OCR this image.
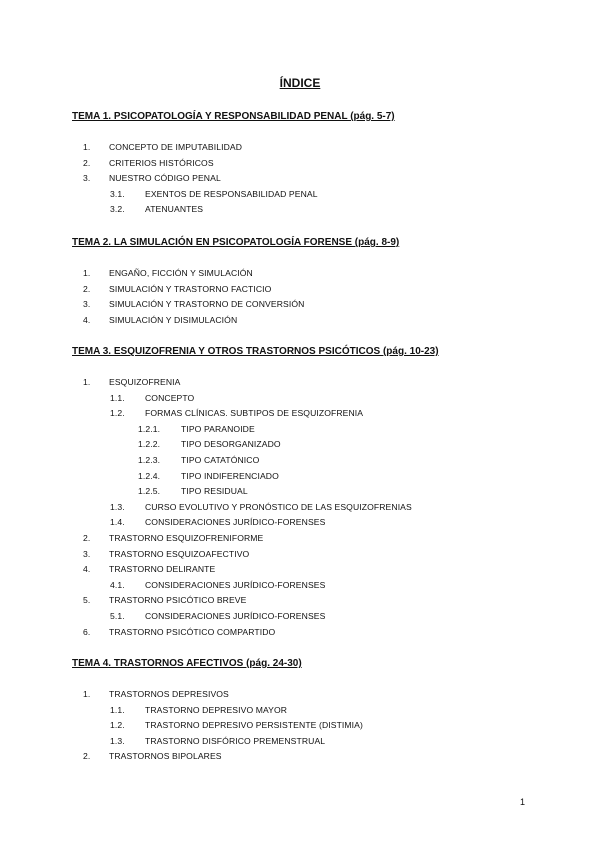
ÍNDICE
TEMA 1. PSICOPATOLOGÍA Y RESPONSABILIDAD PENAL (pág. 5-7)
1. CONCEPTO DE IMPUTABILIDAD
2. CRITERIOS HISTÓRICOS
3. NUESTRO CÓDIGO PENAL
3.1. EXENTOS DE RESPONSABILIDAD PENAL
3.2. ATENUANTES
TEMA 2. LA SIMULACIÓN EN PSICOPATOLOGÍA FORENSE (pág. 8-9)
1. ENGAÑO, FICCIÓN Y SIMULACIÓN
2. SIMULACIÓN Y TRASTORNO FACTICIO
3. SIMULACIÓN Y TRASTORNO DE CONVERSIÓN
4. SIMULACIÓN Y DISIMULACIÓN
TEMA 3. ESQUIZOFRENIA Y OTROS TRASTORNOS PSICÓTICOS (pág. 10-23)
1. ESQUIZOFRENIA
1.1. CONCEPTO
1.2. FORMAS CLÍNICAS. SUBTIPOS DE ESQUIZOFRENIA
1.2.1. TIPO PARANOIDE
1.2.2. TIPO DESORGANIZADO
1.2.3. TIPO CATATÓNICO
1.2.4. TIPO INDIFERENCIADO
1.2.5. TIPO RESIDUAL
1.3. CURSO EVOLUTIVO Y PRONÓSTICO DE LAS ESQUIZOFRENIAS
1.4. CONSIDERACIONES JURÍDICO-FORENSES
2. TRASTORNO ESQUIZOFRENIFORME
3. TRASTORNO ESQUIZOAFECTIVO
4. TRASTORNO DELIRANTE
4.1. CONSIDERACIONES JURÍDICO-FORENSES
5. TRASTORNO PSICÓTICO BREVE
5.1. CONSIDERACIONES JURÍDICO-FORENSES
6. TRASTORNO PSICÓTICO COMPARTIDO
TEMA 4. TRASTORNOS AFECTIVOS (pág. 24-30)
1. TRASTORNOS DEPRESIVOS
1.1. TRASTORNO DEPRESIVO MAYOR
1.2. TRASTORNO DEPRESIVO PERSISTENTE (DISTIMIA)
1.3. TRASTORNO DISFÓRICO PREMENSTRUAL
2. TRASTORNOS BIPOLARES
1
